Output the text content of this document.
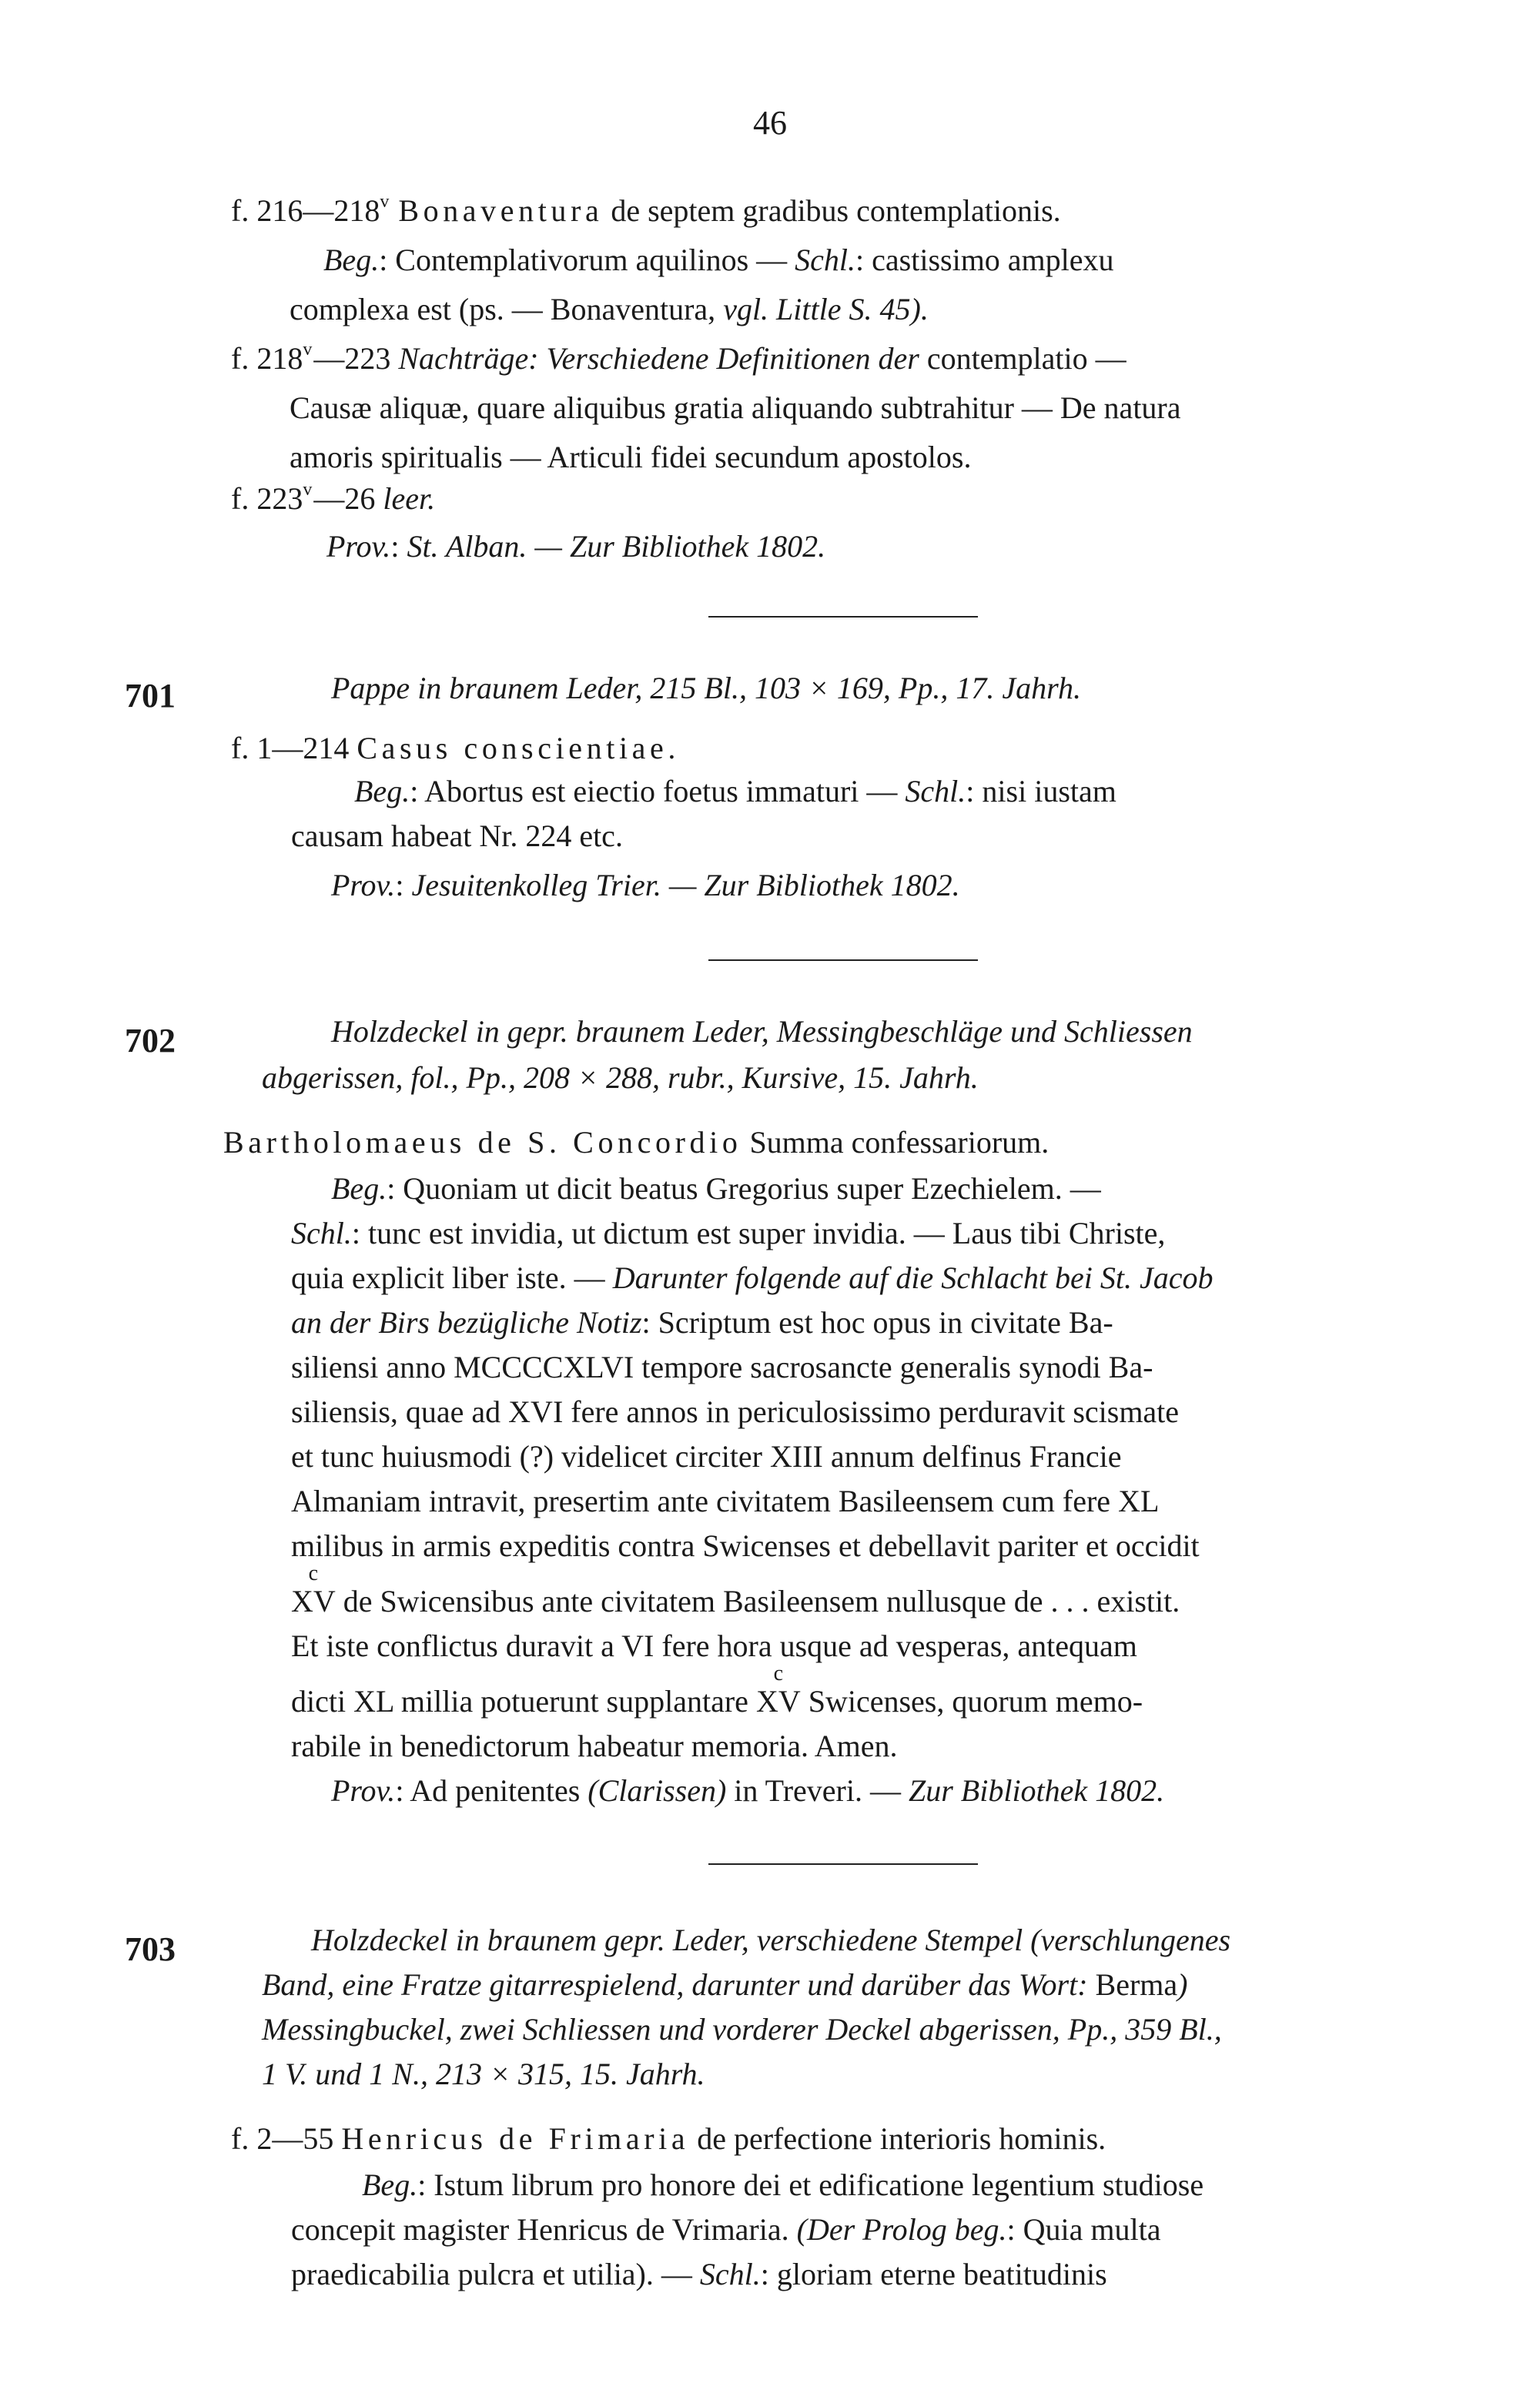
46
f. 216—218$^v$ Bonaventura de septem gradibus contemplationis.
Beg.: Contemplativorum aquilinos — Schl.: castissimo amplexu
complexa est (ps. — Bonaventura, vgl. Little S. 45).
f. 218$^v$—223 Nachträge: Verschiedene Definitionen der contemplatio —
Causæ aliquæ, quare aliquibus gratia aliquando subtrahitur — De natura
amoris spiritualis — Articuli fidei secundum apostolos.
f. 223$^v$—26 leer.
Prov.: St. Alban. — Zur Bibliothek 1802.
701	Pappe in braunem Leder, 215 Bl., 103 × 169, Pp., 17. Jahrh.
f. 1—214 Casus conscientiae.
Beg.: Abortus est eiectio foetus immaturi — Schl.: nisi iustam
causam habeat Nr. 224 etc.
Prov.: Jesuitenkolleg Trier. — Zur Bibliothek 1802.
702	Holzdeckel in gepr. braunem Leder, Messingbeschläge und Schliessen
abgerissen, fol., Pp., 208 × 288, rubr., Kursive, 15. Jahrh.
Bartholomaeus de S. Concordio Summa confessariorum.
Beg.: Quoniam ut dicit beatus Gregorius super Ezechielem. —
Schl.: tunc est invidia, ut dictum est super invidia. — Laus tibi Christe,
quia explicit liber iste. — Darunter folgende auf die Schlacht bei St. Jacob
an der Birs bezügliche Notiz: Scriptum est hoc opus in civitate Ba-
siliensi anno MCCCCXLVI tempore sacrosancte generalis synodi Ba-
siliensis, quae ad XVI fere annos in periculosissimo perduravit scismate
et tunc huiusmodi (?) videlicet circiter XIII annum delfinus Francie
Almaniam intravit, presertim ante civitatem Basileensem cum fere XL
milibus in armis expeditis contra Swicenses et debellavit pariter et occidit
c
XV de Swicensibus ante civitatem Basileensem nullusque de . . . existit.
Et iste conflictus duravit a VI fere hora usque ad vesperas, antequam
dicti XL millia potuerunt supplantare
c
XV Swicenses, quorum memo-
rabile in benedictorum habeatur memoria. Amen.
Prov.: Ad penitentes (Clarissen) in Treveri. — Zur Bibliothek 1802.
703	Holzdeckel in braunem gepr. Leder, verschiedene Stempel (verschlungenes
Band, eine Fratze gitarrespielend, darunter und darüber das Wort: Berma)
Messingbuckel, zwei Schliessen und vorderer Deckel abgerissen, Pp., 359 Bl.,
1 V. und 1 N., 213 × 315, 15. Jahrh.
f. 2—55 Henricus de Frimaria de perfectione interioris hominis.
Beg.: Istum librum pro honore dei et edificatione legentium studiose
concepit magister Henricus de Vrimaria. (Der Prolog beg.: Quia multa
praedicabilia pulcra et utilia). — Schl.: gloriam eterne beatitudinis
